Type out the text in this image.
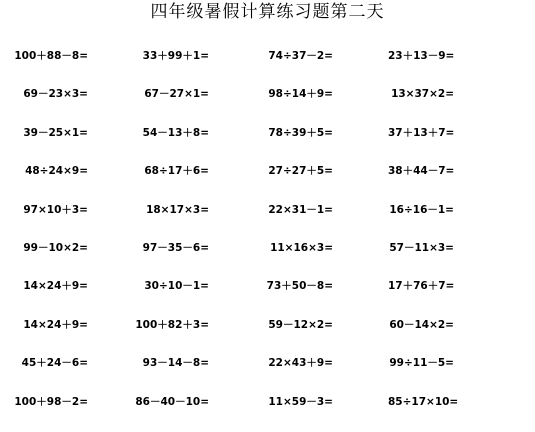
四年级暑假计算练习题第二天
100＋88－8=	33＋99＋1=	74÷37－2=	23＋13－9=
69－23×3=	67－27×1=	98÷14＋9=	13×37×2=
39－25×1=	54－13＋8=	78÷39＋5=	37＋13＋7=
48÷24×9=	68÷17＋6=	27÷27＋5=	38＋44－7=
97×10＋3=	18×17×3=	22×31－1=	16÷16－1=
99－10×2=	97－35－6=	11×16×3=	57－11×3=
14×24＋9=	30÷10－1=	73＋50－8=	17＋76＋7=
14×24＋9=	100＋82＋3=	59－12×2=	60－14×2=
45＋24－6=	93－14－8=	22×43＋9=	99÷11－5=
100＋98－2=	86－40－10=	11×59－3=	85÷17×10=
